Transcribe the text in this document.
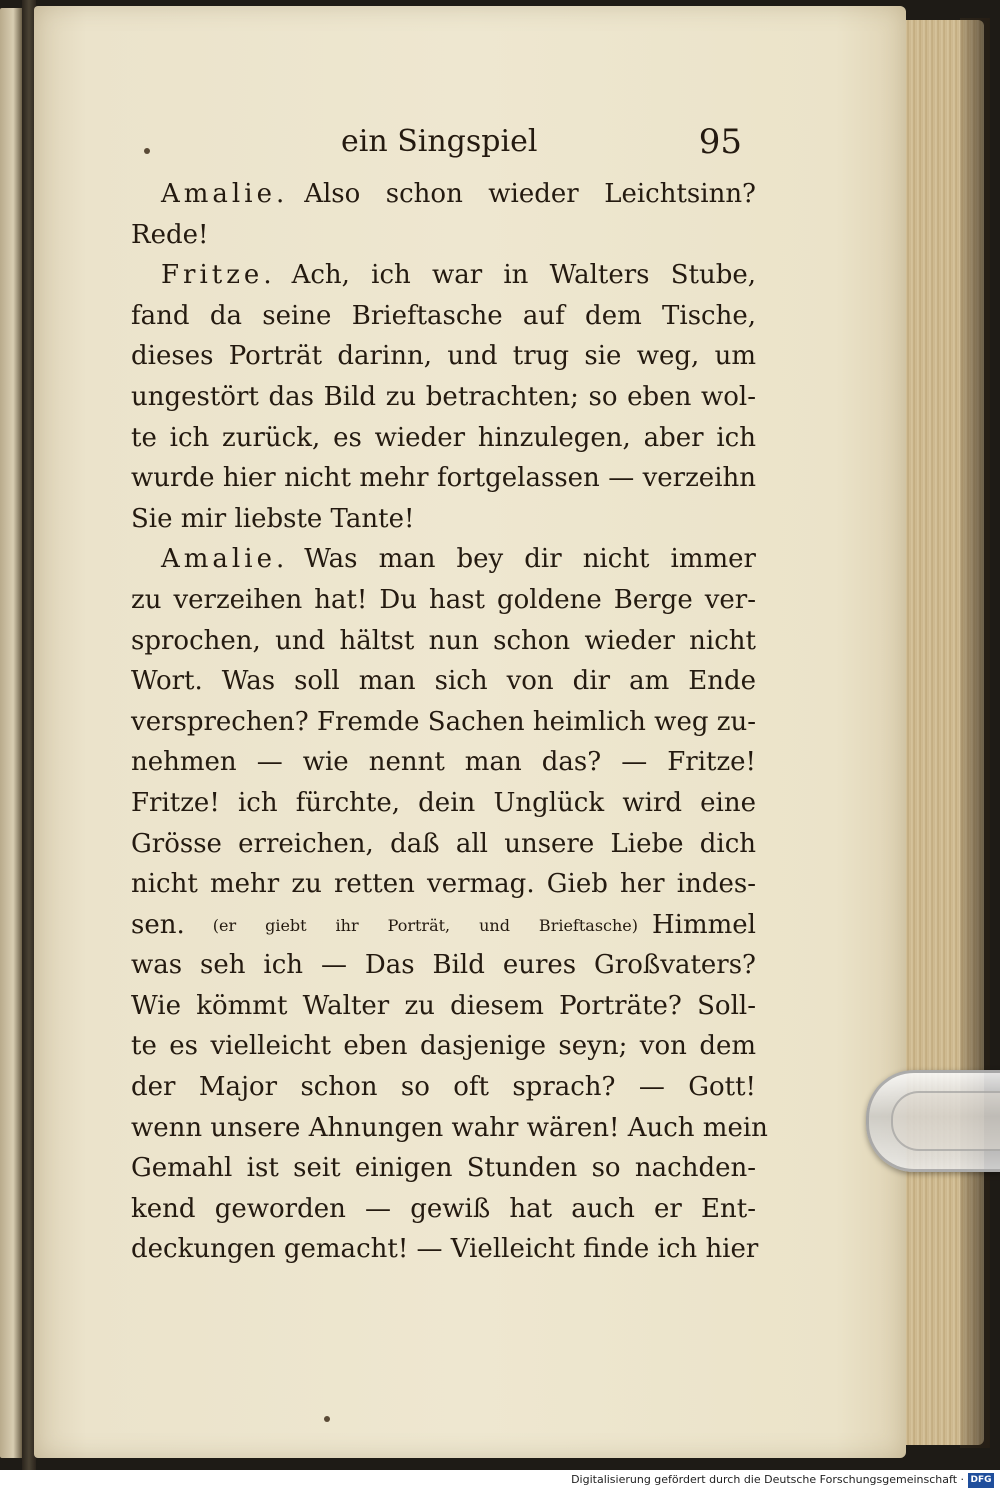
ein Singspiel	95
Amalie. Also schon wieder Leichtsinn?
Rede!
Fritze. Ach, ich war in Walters Stube,
fand da seine Brieftasche auf dem Tische,
dieses Porträt darinn, und trug sie weg, um
ungestört das Bild zu betrachten; so eben wol-
te ich zurück, es wieder hinzulegen, aber ich
wurde hier nicht mehr fortgelassen — verzeihn
Sie mir liebste Tante!
Amalie. Was man bey dir nicht immer
zu verzeihen hat! Du hast goldene Berge ver-
sprochen, und hältst nun schon wieder nicht
Wort. Was soll man sich von dir am Ende
versprechen? Fremde Sachen heimlich weg zu-
nehmen — wie nennt man das? — Fritze!
Fritze! ich fürchte, dein Unglück wird eine
Grösse erreichen, daß all unsere Liebe dich
nicht mehr zu retten vermag. Gieb her indes-
sen. (er giebt ihr Porträt, und Brieftasche) Himmel
was seh ich — Das Bild eures Großvaters?
Wie kömmt Walter zu diesem Porträte? Soll-
te es vielleicht eben dasjenige seyn; von dem
der Major schon so oft sprach? — Gott!
wenn unsere Ahnungen wahr wären! Auch mein
Gemahl ist seit einigen Stunden so nachden-
kend geworden — gewiß hat auch er Ent-
deckungen gemacht! — Vielleicht finde ich hier
Digitalisierung gefördert durch die Deutsche Forschungsgemeinschaft · DFG
